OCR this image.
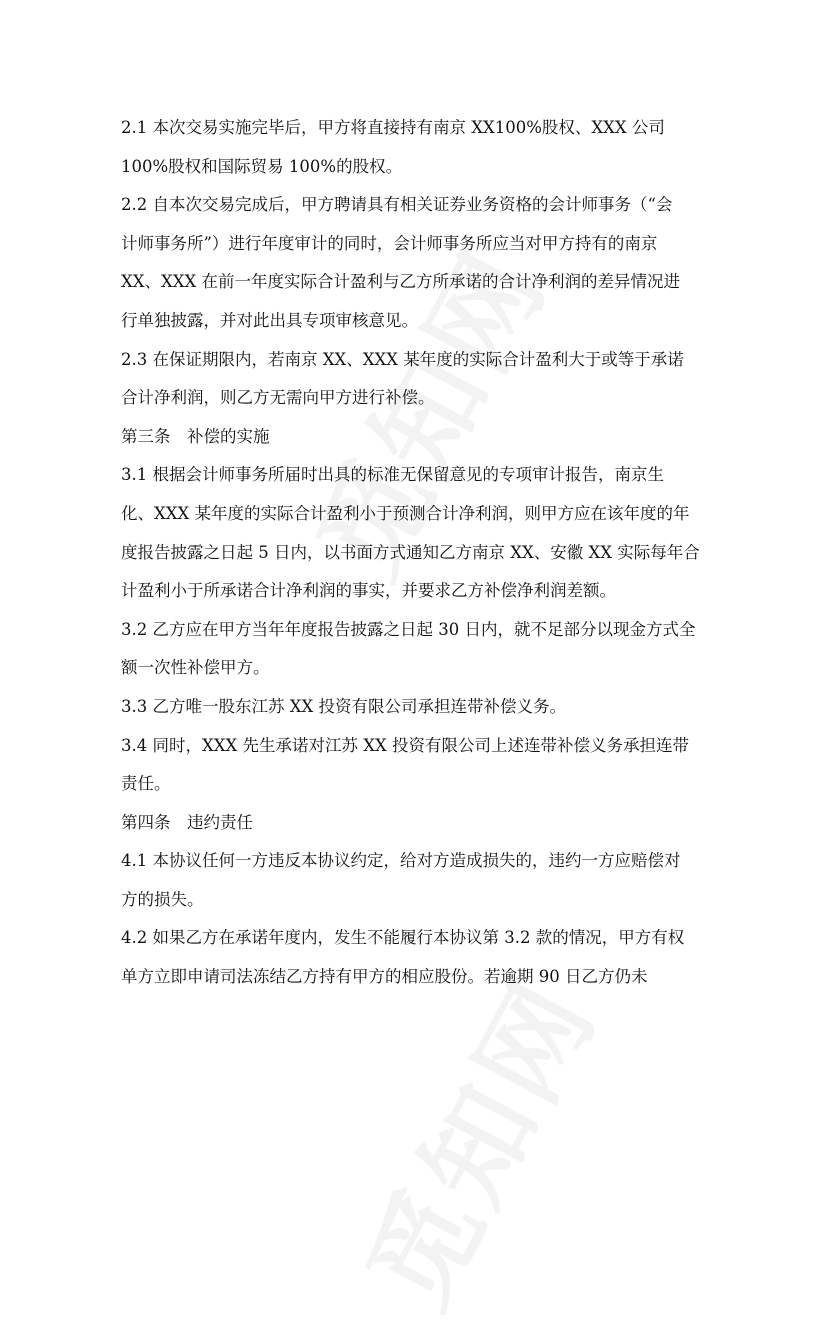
2.1 本次交易实施完毕后，甲方将直接持有南京 XX100%股权、XXX 公司
100%股权和国际贸易 100%的股权。
2.2 自本次交易完成后，甲方聘请具有相关证券业务资格的会计师事务（“会
计师事务所”）进行年度审计的同时，会计师事务所应当对甲方持有的南京
XX、XXX 在前一年度实际合计盈利与乙方所承诺的合计净利润的差异情况进
行单独披露，并对此出具专项审核意见。
2.3 在保证期限内，若南京 XX、XXX 某年度的实际合计盈利大于或等于承诺
合计净利润，则乙方无需向甲方进行补偿。
第三条　补偿的实施
3.1 根据会计师事务所届时出具的标准无保留意见的专项审计报告，南京生
化、XXX 某年度的实际合计盈利小于预测合计净利润，则甲方应在该年度的年
度报告披露之日起 5 日内，以书面方式通知乙方南京 XX、安徽 XX 实际每年合
计盈利小于所承诺合计净利润的事实，并要求乙方补偿净利润差额。
3.2 乙方应在甲方当年年度报告披露之日起 30 日内，就不足部分以现金方式全
额一次性补偿甲方。
3.3 乙方唯一股东江苏 XX 投资有限公司承担连带补偿义务。
3.4 同时，XXX 先生承诺对江苏 XX 投资有限公司上述连带补偿义务承担连带
责任。
第四条　违约责任
4.1 本协议任何一方违反本协议约定，给对方造成损失的，违约一方应赔偿对
方的损失。
4.2 如果乙方在承诺年度内，发生不能履行本协议第 3.2 款的情况，甲方有权
单方立即申请司法冻结乙方持有甲方的相应股份。若逾期 90 日乙方仍未
